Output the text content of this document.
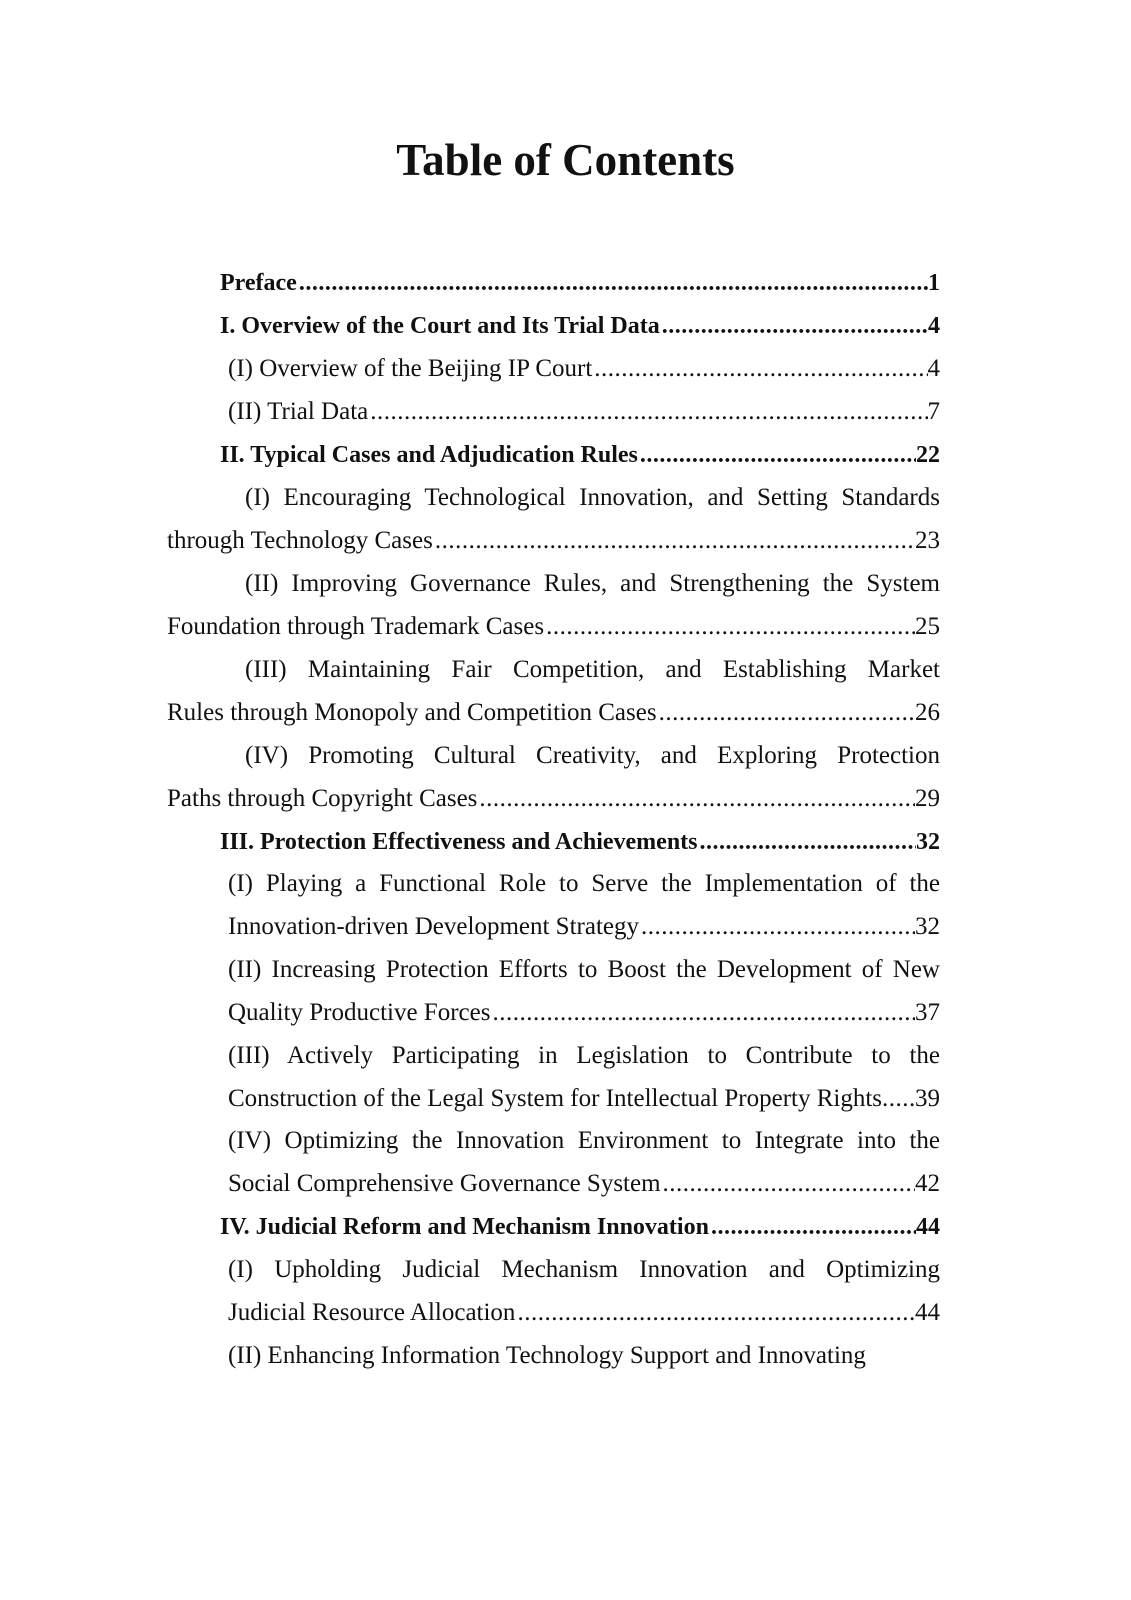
Table of Contents
Preface .....	1
I. Overview of the Court and Its Trial Data .....	4
(I) Overview of the Beijing IP Court .....	4
(II) Trial Data .....	7
II. Typical Cases and Adjudication Rules .....	22
(I) Encouraging Technological Innovation, and Setting Standards
through Technology Cases .....	23
(II) Improving Governance Rules, and Strengthening the System
Foundation through Trademark Cases .....	25
(III) Maintaining Fair Competition, and Establishing Market
Rules through Monopoly and Competition Cases .....	26
(IV) Promoting Cultural Creativity, and Exploring Protection
Paths through Copyright Cases .....	29
III. Protection Effectiveness and Achievements .....	32
(I) Playing a Functional Role to Serve the Implementation of the
Innovation-driven Development Strategy .....	32
(II) Increasing Protection Efforts to Boost the Development of New
Quality Productive Forces .....	37
(III) Actively Participating in Legislation to Contribute to the
Construction of the Legal System for Intellectual Property Rights ..... 39
(IV) Optimizing the Innovation Environment to Integrate into the
Social Comprehensive Governance System .....	42
IV. Judicial Reform and Mechanism Innovation .....	44
(I) Upholding Judicial Mechanism Innovation and Optimizing
Judicial Resource Allocation .....	44
(II) Enhancing Information Technology Support and Innovating
